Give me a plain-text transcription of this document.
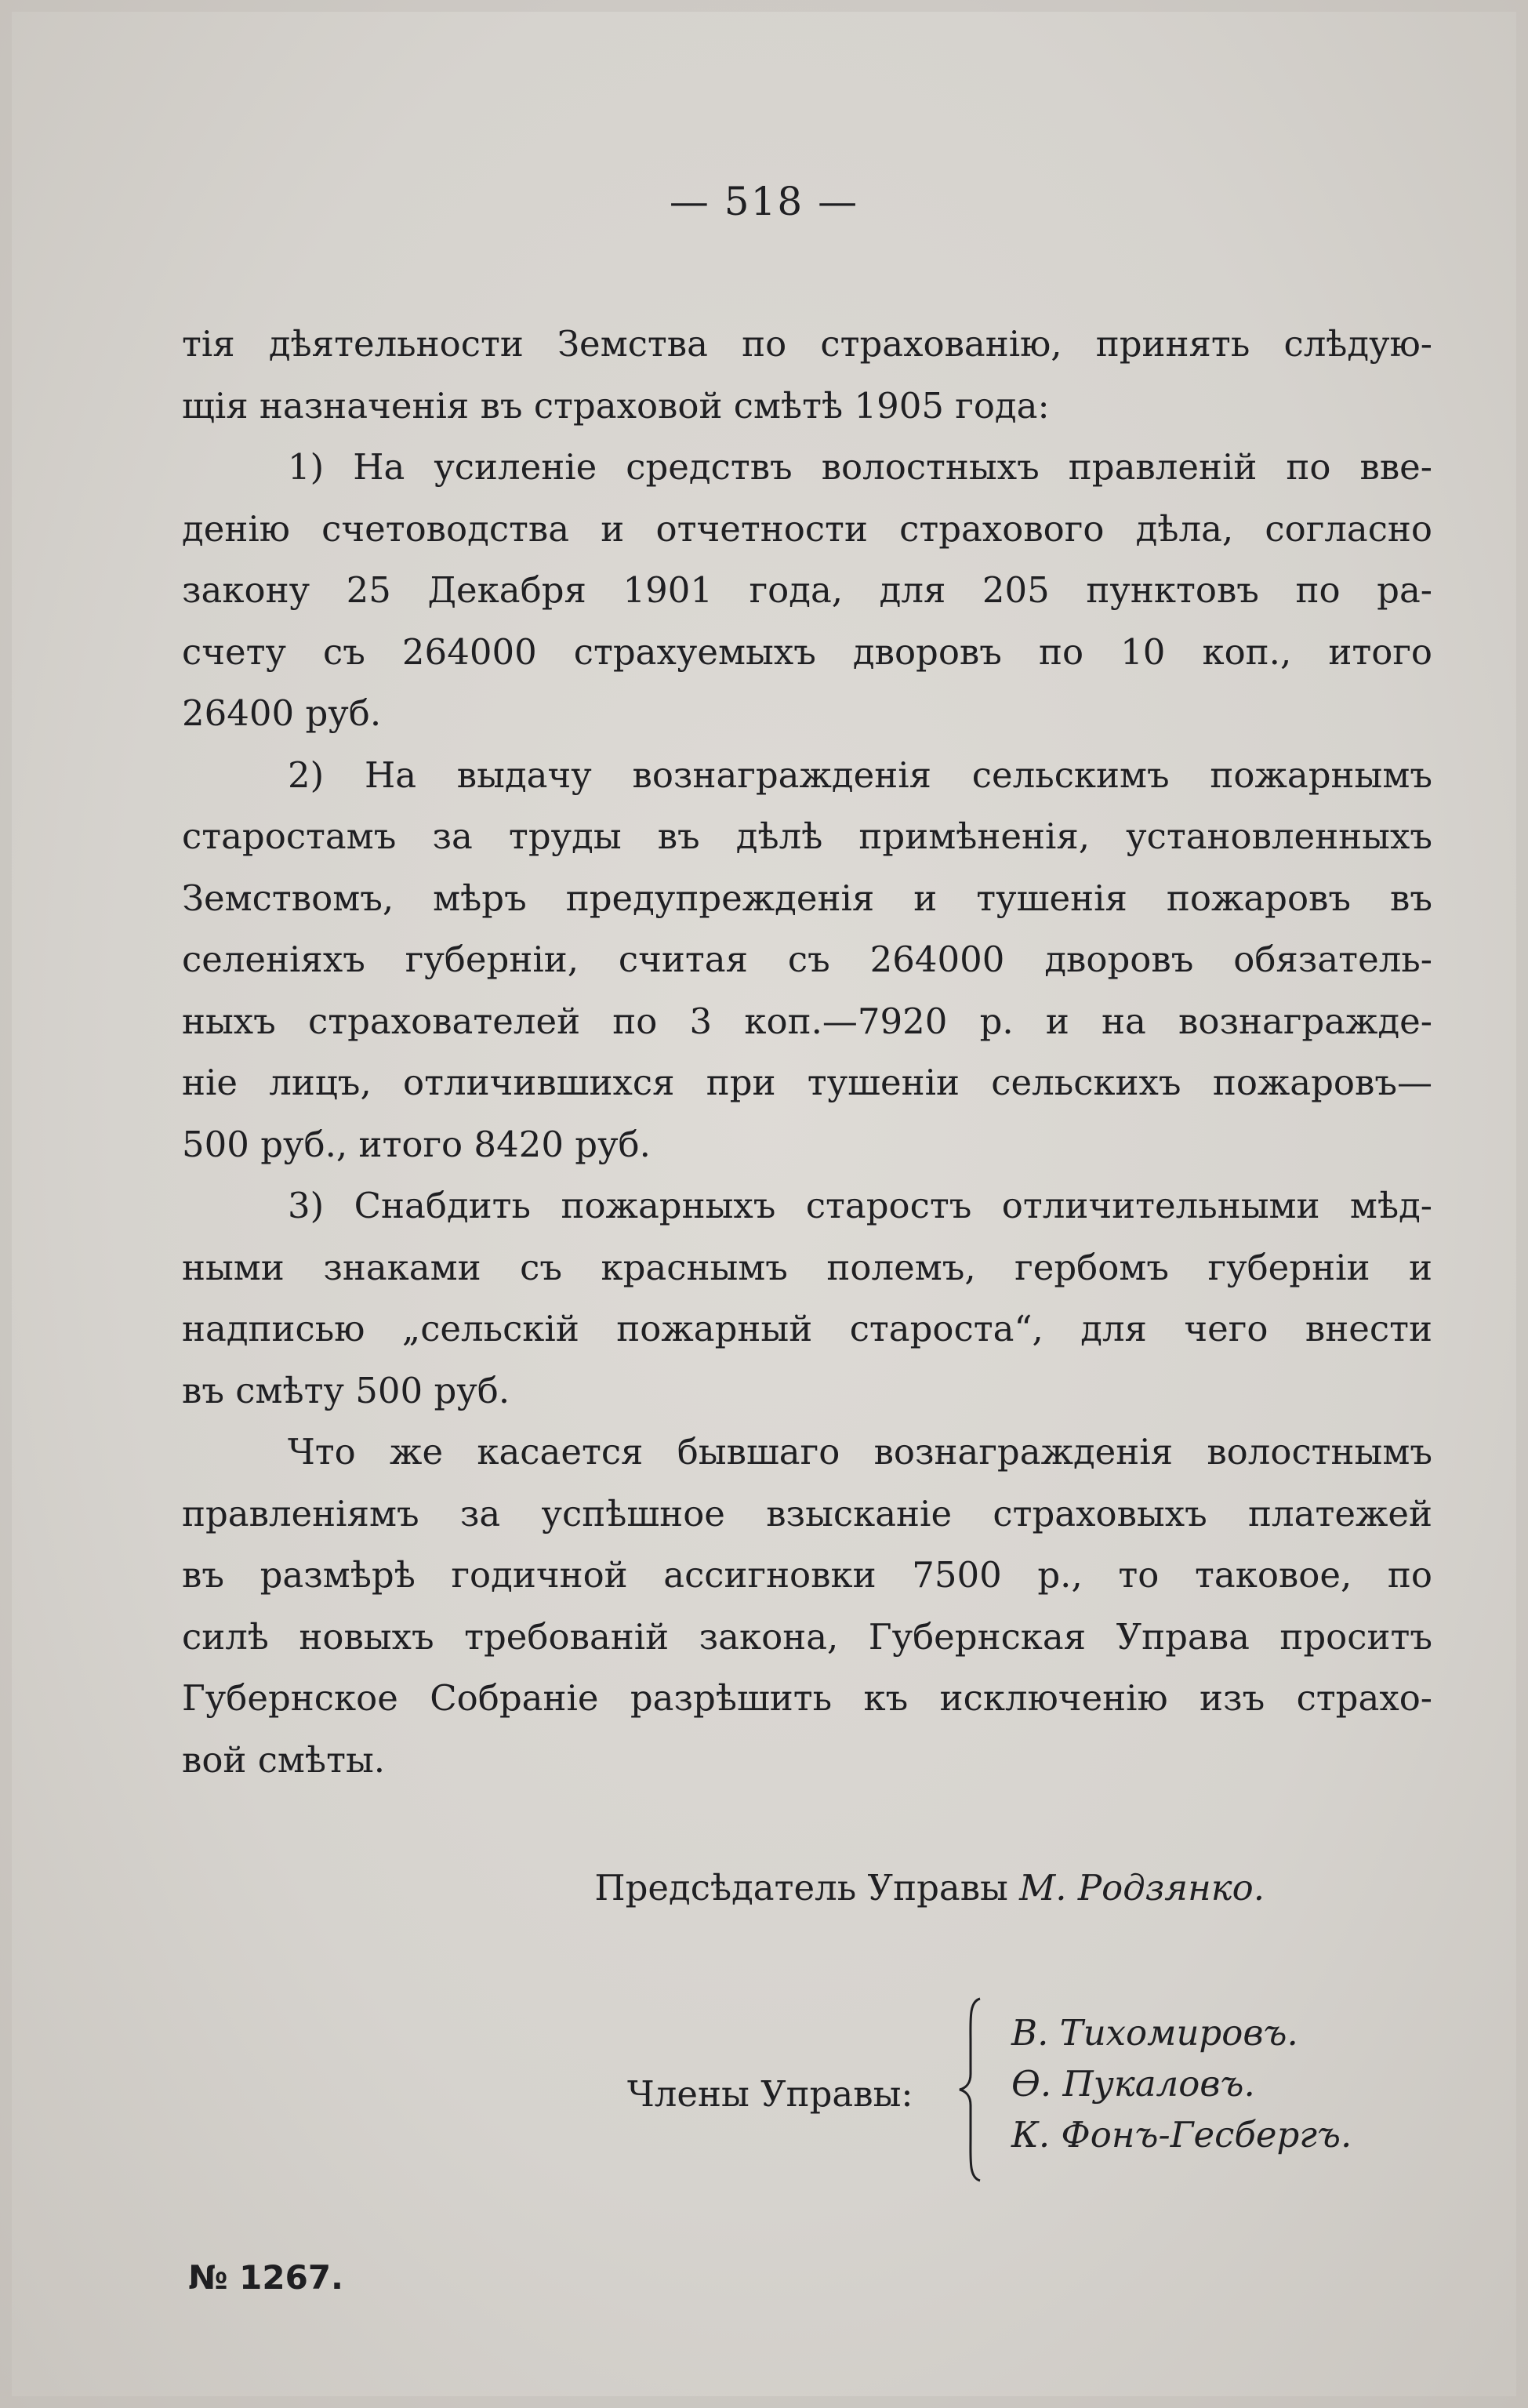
— 518 —
тія дѣятельности Земства по страхованію, принять слѣдую-
щія назначенія въ страховой смѣтѣ 1905 года:
1) На усиленіе средствъ волостныхъ правленій по вве-
денію счетоводства и отчетности страхового дѣла, согласно
закону 25 Декабря 1901 года, для 205 пунктовъ по ра-
счету съ 264000 страхуемыхъ дворовъ по 10 коп., итого
26400 руб.
2) На выдачу вознагражденія сельскимъ пожарнымъ
старостамъ за труды въ дѣлѣ примѣненія, установленныхъ
Земствомъ, мѣръ предупрежденія и тушенія пожаровъ въ
селеніяхъ губерніи, считая съ 264000 дворовъ обязатель-
ныхъ страхователей по 3 коп.—7920 р. и на вознагражде-
ніе лицъ, отличившихся при тушеніи сельскихъ пожаровъ—
500 руб., итого 8420 руб.
3) Снабдить пожарныхъ старостъ отличительными мѣд-
ными знаками съ краснымъ полемъ, гербомъ губерніи и
надписью „сельскій пожарный староста“, для чего внести
въ смѣту 500 руб.
Что же касается бывшаго вознагражденія волостнымъ
правленіямъ за успѣшное взысканіе страховыхъ платежей
въ размѣрѣ годичной ассигновки 7500 р., то таковое, по
силѣ новыхъ требованій закона, Губернская Управа проситъ
Губернское Собраніе разрѣшить къ исключенію изъ страхо-
вой смѣты.
Предсѣдатель Управы М. Родзянко.
Члены Управы:
В. Тихомировъ.
Ѳ. Пукаловъ.
К. Фонъ-Гесбергъ.
№ 1267.
